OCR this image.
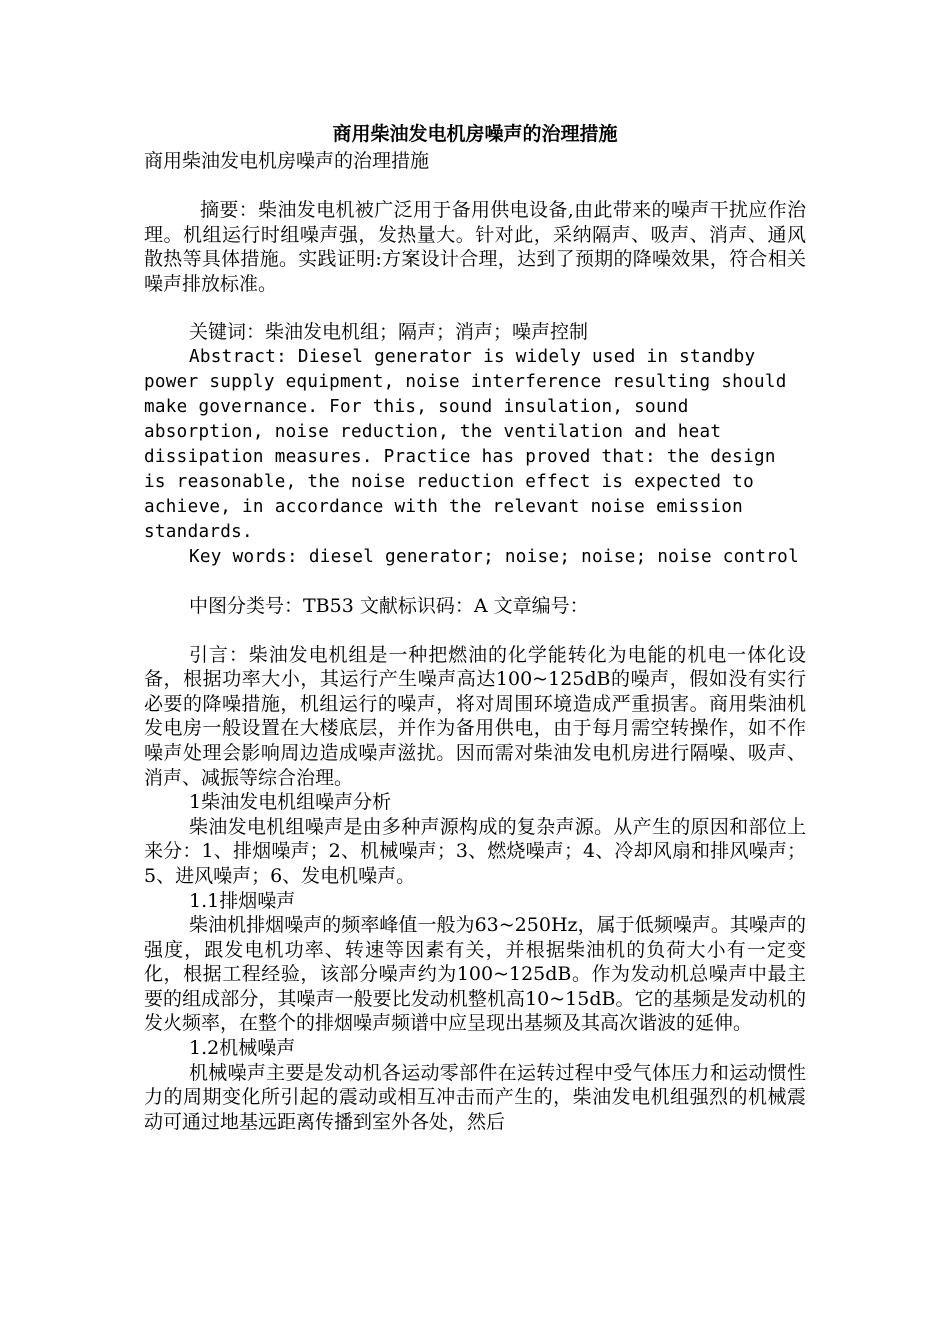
商用柴油发电机房噪声的治理措施

商用柴油发电机房噪声的治理措施

摘要：柴油发电机被广泛用于备用供电设备,由此带来的噪声干扰应作治理。机组运行时组噪声强，发热量大。针对此，采纳隔声、吸声、消声、通风散热等具体措施。实践证明:方案设计合理，达到了预期的降噪效果，符合相关噪声排放标准。

关键词：柴油发电机组；隔声；消声；噪声控制

Abstract: Diesel generator is widely used in standby power supply equipment, noise interference resulting should make governance. For this, sound insulation, sound absorption, noise reduction, the ventilation and heat dissipation measures. Practice has proved that: the design is reasonable, the noise reduction effect is expected to achieve, in accordance with the relevant noise emission standards.

Key words: diesel generator; noise; noise; noise control

中图分类号：TB53 文献标识码：A 文章编号：

引言：柴油发电机组是一种把燃油的化学能转化为电能的机电一体化设备，根据功率大小，其运行产生噪声高达100~125dB的噪声，假如没有实行必要的降噪措施，机组运行的噪声，将对周围环境造成严重损害。商用柴油机发电房一般设置在大楼底层，并作为备用供电，由于每月需空转操作，如不作噪声处理会影响周边造成噪声滋扰。因而需对柴油发电机房进行隔噪、吸声、消声、减振等综合治理。

1柴油发电机组噪声分析

柴油发电机组噪声是由多种声源构成的复杂声源。从产生的原因和部位上来分：1、排烟噪声；2、机械噪声；3、燃烧噪声；4、冷却风扇和排风噪声；5、进风噪声；6、发电机噪声。

1.1排烟噪声

柴油机排烟噪声的频率峰值一般为63~250Hz，属于低频噪声。其噪声的强度，跟发电机功率、转速等因素有关，并根据柴油机的负荷大小有一定变化，根据工程经验，该部分噪声约为100~125dB。作为发动机总噪声中最主要的组成部分，其噪声一般要比发动机整机高10~15dB。它的基频是发动机的发火频率，在整个的排烟噪声频谱中应呈现出基频及其高次谐波的延伸。

1.2机械噪声

机械噪声主要是发动机各运动零部件在运转过程中受气体压力和运动惯性力的周期变化所引起的震动或相互冲击而产生的，柴油发电机组强烈的机械震动可通过地基远距离传播到室外各处，然后
